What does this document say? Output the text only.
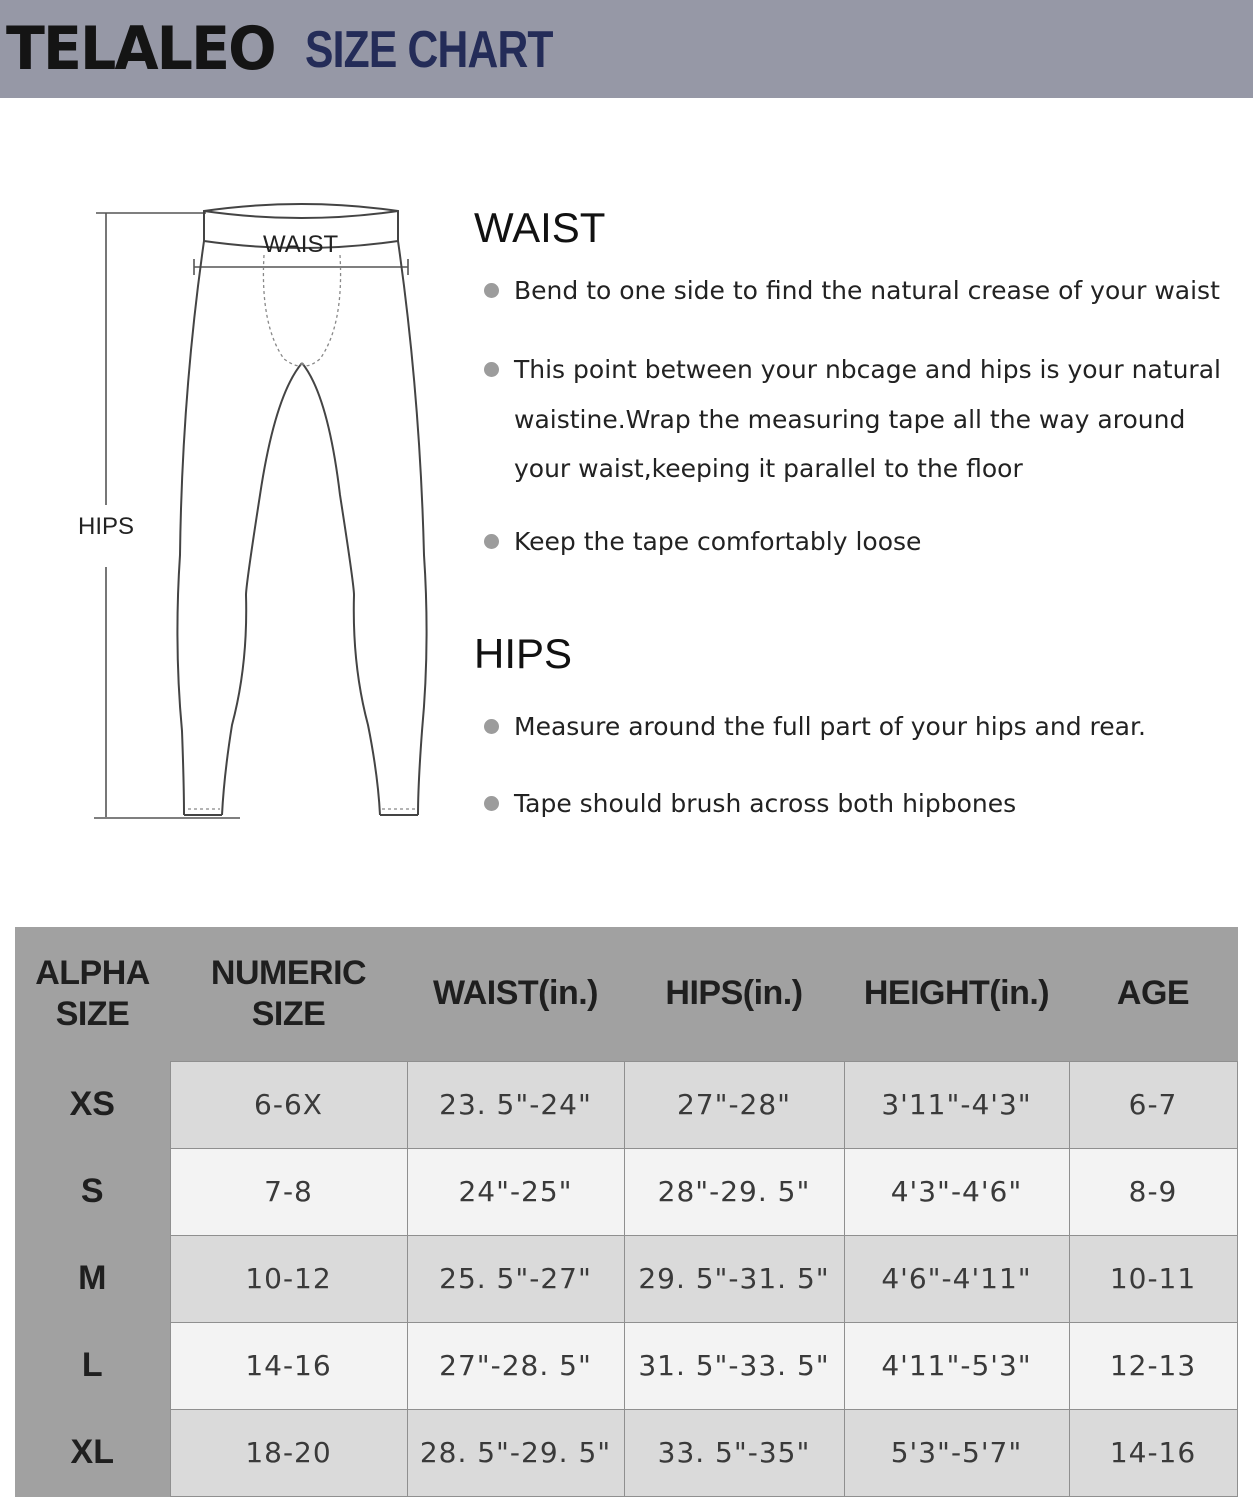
TELALEO SIZE CHART
HIPS
WAIST	WAIST
Bend to one side to find the natural crease of your waist
This point between your nbcage and hips is your natural waistine.Wrap the measuring tape all the way around your waist,keeping it parallel to the floor
Keep the tape comfortably loose
HIPS
Measure around the full part of your hips and rear.
Tape should brush across both hipbones
ALPHA SIZE	NUMERIC SIZE	WAIST(in.)	HIPS(in.)	HEIGHT(in.)	AGE
XS	6-6X	23. 5"-24"	27"-28"	3'11"-4'3"	6-7
S	7-8	24"-25"	28"-29. 5"	4'3"-4'6"	8-9
M	10-12	25. 5"-27"	29. 5"-31. 5"	4'6"-4'11"	10-11
L	14-16	27"-28. 5"	31. 5"-33. 5"	4'11"-5'3"	12-13
XL	18-20	28. 5"-29. 5"	33. 5"-35"	5'3"-5'7"	14-16
